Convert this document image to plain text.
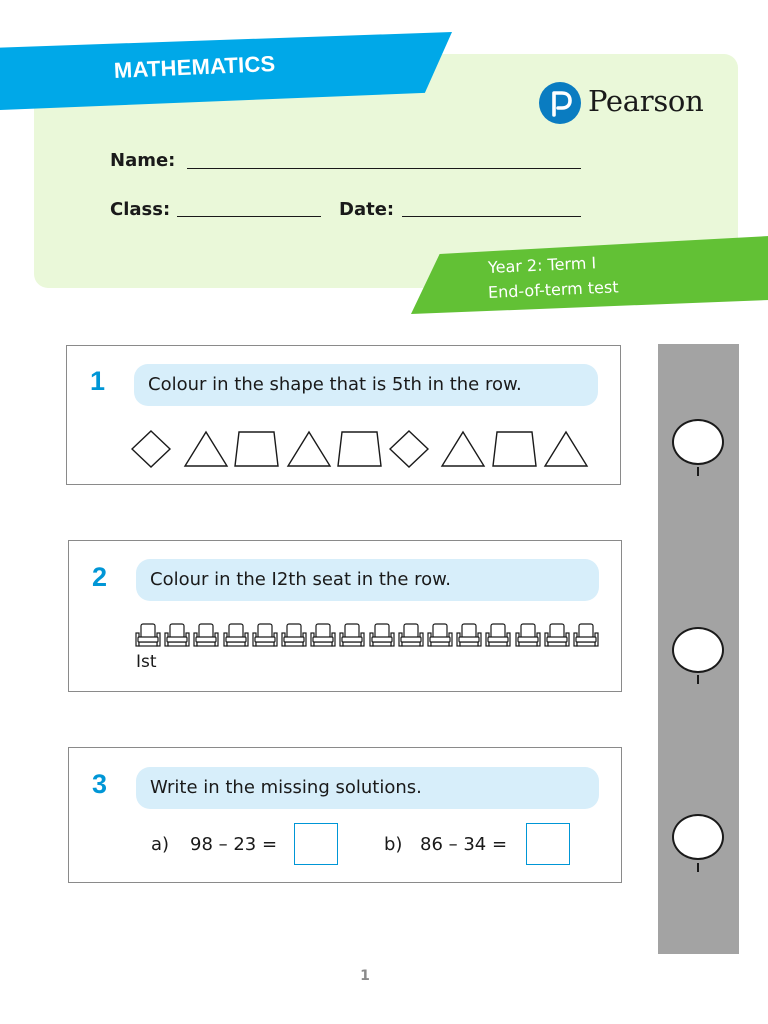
MATHEMATICS
Pearson
Name:
Class:	Date:
Year 2: Term I
End-of-term test
1	Colour in the shape that is 5th in the row.
2	Colour in the I2th seat in the row.
Ist
3	Write in the missing solutions.
a) 98 – 23 =	b) 86 – 34 =
1
